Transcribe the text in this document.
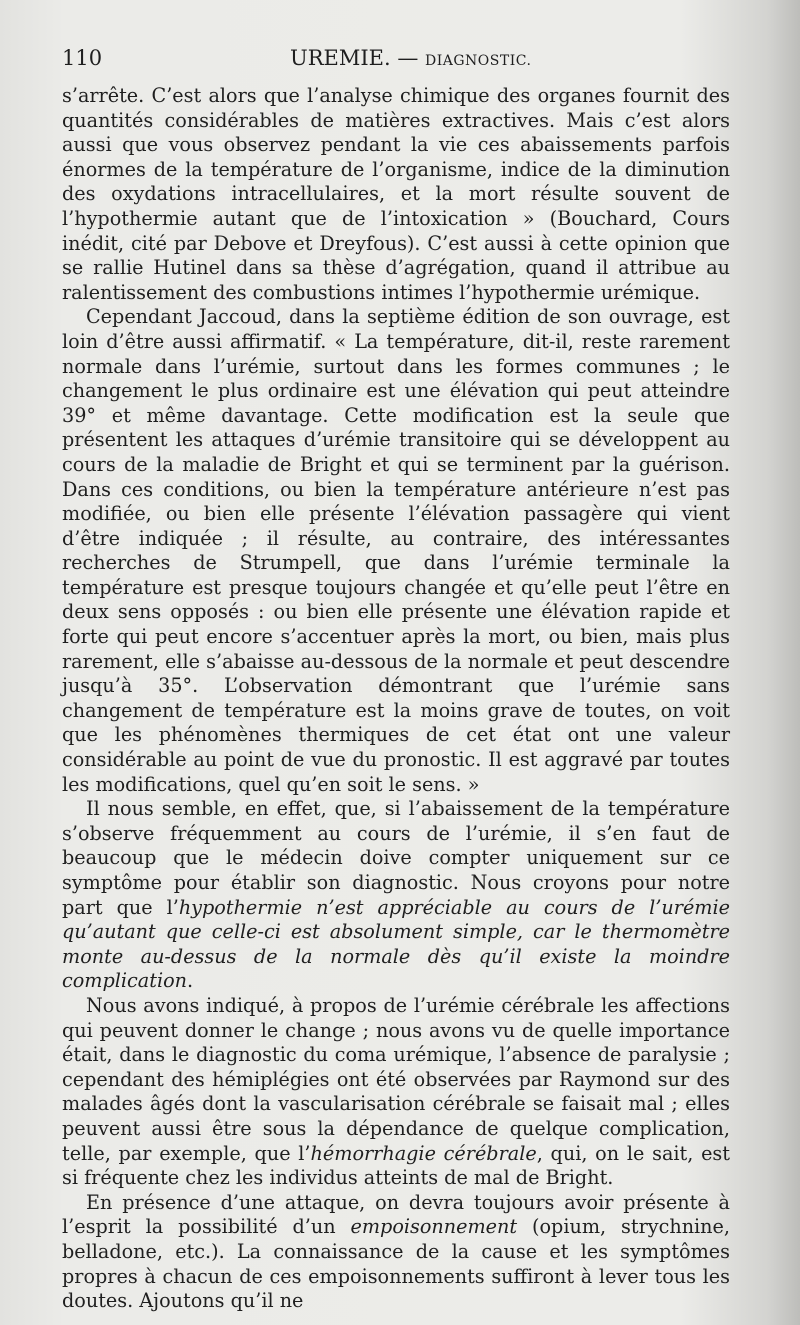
110	UREMIE. — DIAGNOSTIC.

s’arrête. C’est alors que l’analyse chimique des organes fournit des quantités considérables de matières extractives. Mais c’est alors aussi que vous observez pendant la vie ces abaissements parfois énormes de la température de l’organisme, indice de la diminution des oxydations intracellulaires, et la mort résulte souvent de l’hypothermie autant que de l’intoxication » (Bouchard, Cours inédit, cité par Debove et Dreyfous). C’est aussi à cette opinion que se rallie Hutinel dans sa thèse d’agrégation, quand il attribue au ralentissement des combustions intimes l’hypothermie urémique.

Cependant Jaccoud, dans la septième édition de son ouvrage, est loin d’être aussi affirmatif. « La température, dit-il, reste rarement normale dans l’urémie, surtout dans les formes communes ; le changement le plus ordinaire est une élévation qui peut atteindre 39° et même davantage. Cette modification est la seule que présentent les attaques d’urémie transitoire qui se développent au cours de la maladie de Bright et qui se terminent par la guérison. Dans ces conditions, ou bien la température antérieure n’est pas modifiée, ou bien elle présente l’élévation passagère qui vient d’être indiquée ; il résulte, au contraire, des intéressantes recherches de Strumpell, que dans l’urémie terminale la température est presque toujours changée et qu’elle peut l’être en deux sens opposés : ou bien elle présente une élévation rapide et forte qui peut encore s’accentuer après la mort, ou bien, mais plus rarement, elle s’abaisse au-dessous de la normale et peut descendre jusqu’à 35°. L’observation démontrant que l’urémie sans changement de température est la moins grave de toutes, on voit que les phénomènes thermiques de cet état ont une valeur considérable au point de vue du pronostic. Il est aggravé par toutes les modifications, quel qu’en soit le sens. »

Il nous semble, en effet, que, si l’abaissement de la température s’observe fréquemment au cours de l’urémie, il s’en faut de beaucoup que le médecin doive compter uniquement sur ce symptôme pour établir son diagnostic. Nous croyons pour notre part que l’hypothermie n’est appréciable au cours de l’urémie qu’autant que celle-ci est absolument simple, car le thermomètre monte au-dessus de la normale dès qu’il existe la moindre complication.

Nous avons indiqué, à propos de l’urémie cérébrale les affections qui peuvent donner le change ; nous avons vu de quelle importance était, dans le diagnostic du coma urémique, l’absence de paralysie ; cependant des hémiplégies ont été observées par Raymond sur des malades âgés dont la vascularisation cérébrale se faisait mal ; elles peuvent aussi être sous la dépendance de quelque complication, telle, par exemple, que l’hémorrhagie cérébrale, qui, on le sait, est si fréquente chez les individus atteints de mal de Bright.

En présence d’une attaque, on devra toujours avoir présente à l’esprit la possibilité d’un empoisonnement (opium, strychnine, belladone, etc.). La connaissance de la cause et les symptômes propres à chacun de ces empoisonnements suffiront à lever tous les doutes. Ajoutons qu’il ne
